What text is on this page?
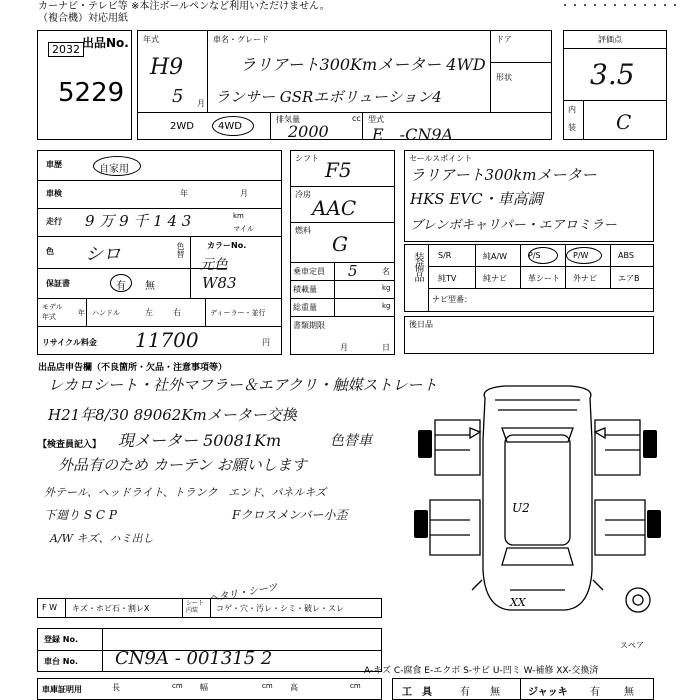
カーナビ・テレビ等 ※本注ボールペンなど利用いただけません。
（複合機）対応用紙
・・・・・・・・・・・・
出品No.
2032
5229
年式
H9
5 月
車名・グレード
ラリアート300Kmメーター 4WD
ランサー GSRエボリューション4
ドア
形状
2WD 4WD
排気量	cc
2000
型式
E　-CN9A
評価点
3.5
内
装 C
車歴	自家用
車検	年	月
走行 9 万 9 千 1 4 3	km
マイル
色 シロ	色替	カラーNo.
元色
W83
保証書	有 無
モデル
年式	年 ハンドル	左	右	ディーラー・並行
リサイクル料金 11700	円
シフト F5
冷房
AAC
燃料
G
乗車定員 5	名
積載量	kg
総重量	kg
書類期限
月	日
セールスポイント
ラリアート300kmメーター
HKS EVC・車高調
ブレンボキャリパー・エアロミラー
装備品 S/R	純A/W	P/S	P/W	ABS
純TV	純ナビ	革シート 外ナビ	エアB
ナビ型番：
後日品
出品店申告欄（不良箇所・欠品・注意事項等）
レカロシート・社外マフラー＆エアクリ・触媒ストレート
H21年8/30 89062Kmメーター交換
【検査員記入】 現メーター 50081Km	色替車
外品有のため カーテン お願いします
外テール、ヘッドライト、トランク　エンド、パネルキズ
下廻り S C P	Fクロスメンバー小歪
A/W キズ、ハミ出し
U2
XX
スペア
ヘタリ・シーツ
F W キズ・ホビ石・割レX
シート内装	コゲ・穴・汚レ・シミ・破レ・スレ
登録 No.
車台 No. CN9A - 001315 2
車庫証明用	長	cm 幅	cm 高	cm
A-キズ C-腐食 E-エクボ S-サビ U-凹ミ W-補修 XX-交換済
工　具	有 無	ジャッキ 有 無
